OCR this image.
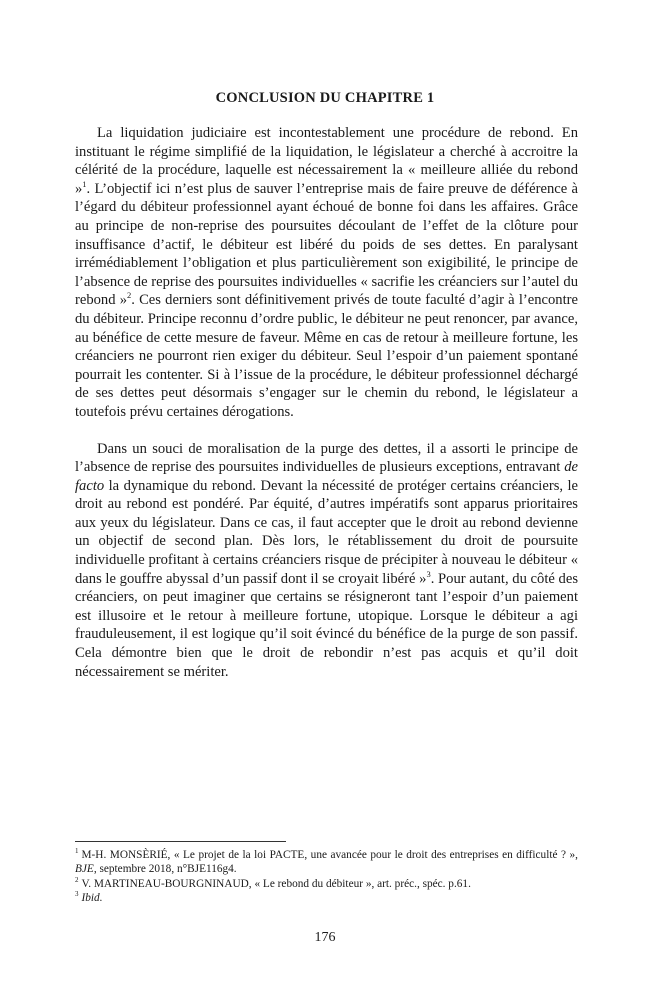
CONCLUSION DU CHAPITRE 1

La liquidation judiciaire est incontestablement une procédure de rebond. En instituant le régime simplifié de la liquidation, le législateur a cherché à accroitre la célérité de la procédure, laquelle est nécessairement la « meilleure alliée du rebond »$^1$. L’objectif ici n’est plus de sauver l’entreprise mais de faire preuve de déférence à l’égard du débiteur professionnel ayant échoué de bonne foi dans les affaires. Grâce au principe de non-reprise des poursuites découlant de l’effet de la clôture pour insuffisance d’actif, le débiteur est libéré du poids de ses dettes. En paralysant irrémédiablement l’obligation et plus particulièrement son exigibilité, le principe de l’absence de reprise des poursuites individuelles « sacrifie les créanciers sur l’autel du rebond »$^2$. Ces derniers sont définitivement privés de toute faculté d’agir à l’encontre du débiteur. Principe reconnu d’ordre public, le débiteur ne peut renoncer, par avance, au bénéfice de cette mesure de faveur. Même en cas de retour à meilleure fortune, les créanciers ne pourront rien exiger du débiteur. Seul l’espoir d’un paiement spontané pourrait les contenter. Si à l’issue de la procédure, le débiteur professionnel déchargé de ses dettes peut désormais s’engager sur le chemin du rebond, le législateur a toutefois prévu certaines dérogations.

Dans un souci de moralisation de la purge des dettes, il a assorti le principe de l’absence de reprise des poursuites individuelles de plusieurs exceptions, entravant de facto la dynamique du rebond. Devant la nécessité de protéger certains créanciers, le droit au rebond est pondéré. Par équité, d’autres impératifs sont apparus prioritaires aux yeux du législateur. Dans ce cas, il faut accepter que le droit au rebond devienne un objectif de second plan. Dès lors, le rétablissement du droit de poursuite individuelle profitant à certains créanciers risque de précipiter à nouveau le débiteur « dans le gouffre abyssal d’un passif dont il se croyait libéré »$^3$. Pour autant, du côté des créanciers, on peut imaginer que certains se résigneront tant l’espoir d’un paiement est illusoire et le retour à meilleure fortune, utopique. Lorsque le débiteur a agi frauduleusement, il est logique qu’il soit évincé du bénéfice de la purge de son passif. Cela démontre bien que le droit de rebondir n’est pas acquis et qu’il doit nécessairement se mériter.

$^1$ M-H. MONSÈRIÉ, « Le projet de la loi PACTE, une avancée pour le droit des entreprises en difficulté ? », BJE, septembre 2018, n°BJE116g4.

$^2$ V. MARTINEAU-BOURGNINAUD, « Le rebond du débiteur », art. préc., spéc. p.61.

$^3$ Ibid.

176
